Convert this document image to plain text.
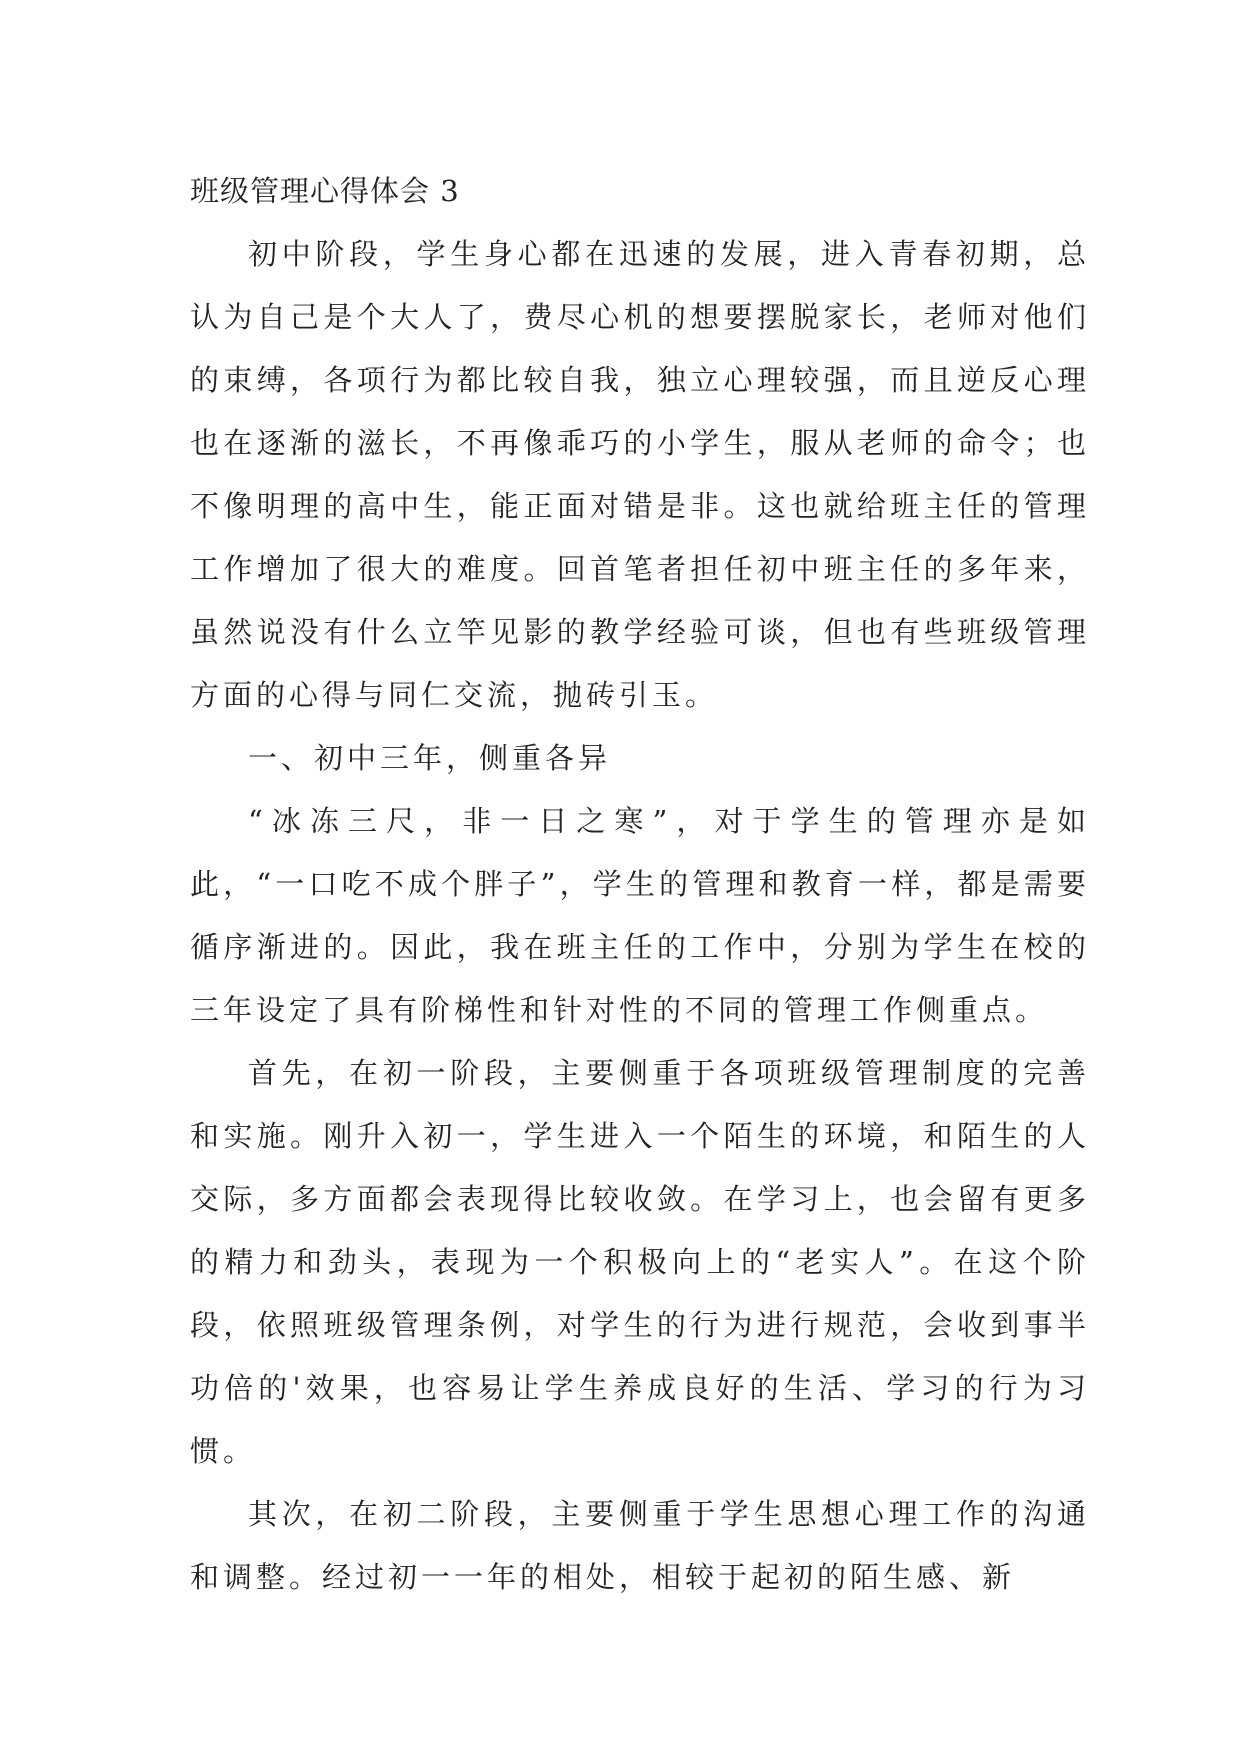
班级管理心得体会 3

初中阶段，学生身心都在迅速的发展，进入青春初期，总认为自己是个大人了，费尽心机的想要摆脱家长，老师对他们的束缚，各项行为都比较自我，独立心理较强，而且逆反心理也在逐渐的滋长，不再像乖巧的小学生，服从老师的命令；也不像明理的高中生，能正面对错是非。这也就给班主任的管理工作增加了很大的难度。回首笔者担任初中班主任的多年来，虽然说没有什么立竿见影的教学经验可谈，但也有些班级管理方面的心得与同仁交流，抛砖引玉。

一、初中三年，侧重各异

“冰冻三尺，非一日之寒”，对于学生的管理亦是如此，“一口吃不成个胖子”，学生的管理和教育一样，都是需要循序渐进的。因此，我在班主任的工作中，分别为学生在校的三年设定了具有阶梯性和针对性的不同的管理工作侧重点。

首先，在初一阶段，主要侧重于各项班级管理制度的完善和实施。刚升入初一，学生进入一个陌生的环境，和陌生的人交际，多方面都会表现得比较收敛。在学习上，也会留有更多的精力和劲头，表现为一个积极向上的“老实人”。在这个阶段，依照班级管理条例，对学生的行为进行规范，会收到事半功倍的'效果，也容易让学生养成良好的生活、学习的行为习惯。

其次，在初二阶段，主要侧重于学生思想心理工作的沟通和调整。经过初一一年的相处，相较于起初的陌生感、新
